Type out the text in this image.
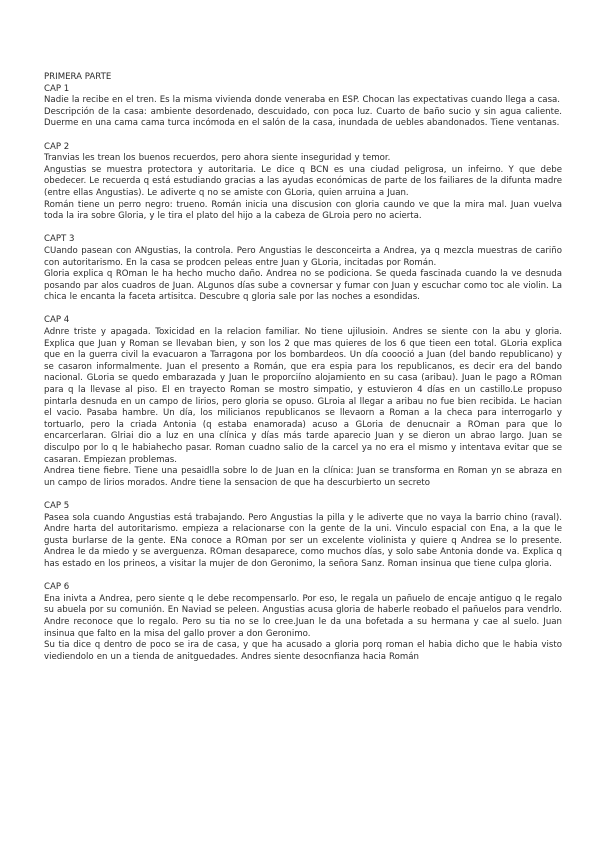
PRIMERA PARTE
CAP 1

Nadie la recibe en el tren. Es la misma vivienda donde veneraba en ESP. Chocan las expectativas cuando llega a casa.

Descripción de la casa: ambiente desordenado, descuidado, con poca luz. Cuarto de baño sucio y sin agua caliente. Duerme en una cama cama turca incómoda en el salón de la casa, inundada de uebles abandonados. Tiene ventanas.

CAP 2

Tranvias les trean los buenos recuerdos, pero ahora siente inseguridad y temor.

Angustias se muestra protectora y autoritaria. Le dice q BCN es una ciudad peligrosa, un infeirno. Y que debe obedecer. Le recuerda q está estudiando gracias a las ayudas económicas de parte de los failiares de la difunta madre (entre ellas Angustias). Le adiverte q no se amiste con GLoria, quien arruina a Juan.

Román tiene un perro negro: trueno. Román inicia una discusion con gloria caundo ve que la mira mal. Juan vuelva toda la ira sobre Gloria, y le tira el plato del hijo a la cabeza de GLroia pero no acierta.

CAPT 3

CUando pasean con ANgustias, la controla. Pero Angustias le desconceirta a Andrea, ya q mezcla muestras de cariño con autoritarismo. En la casa se prodcen peleas entre Juan y GLoria, incitadas por Román.

Gloria explica q ROman le ha hecho mucho daño. Andrea no se podiciona. Se queda fascinada cuando la ve desnuda posando par alos cuadros de Juan. ALgunos días sube a covnersar y fumar con Juan y escuchar como toc ale violin. La chica le encanta la faceta artisitca. Descubre q gloria sale por las noches a esondidas.

CAP 4

Adnre triste y apagada. Toxicidad en la relacion familiar. No tiene ujilusioin. Andres se siente con la abu y gloria. Explica que Juan y Roman se llevaban bien, y son los 2 que mas quieres de los 6 que tieen een total. GLoria explica que en la guerra civil la evacuaron a Tarragona por los bombardeos. Un día coooció a Juan (del bando republicano) y se casaron informalmente. Juan el presento a Román, que era espia para los republicanos, es decir era del bando nacional. GLoria se quedo embarazada y Juan le proporciíno alojamiento en su casa (aribau). Juan le pago a ROman para q la llevase al piso. El en trayecto Roman se mostro simpatio, y estuvieron 4 días en un castillo.Le propuso pintarla desnuda en un campo de lirios, pero gloria se opuso. GLroia al llegar a aribau no fue bien recibida. Le hacian el vacio. Pasaba hambre. Un día, los milicianos republicanos se llevaorn a Roman a la checa para interrogarlo y tortuarlo, pero la criada Antonia (q estaba enamorada) acuso a GLoria de denucnair a ROman para que lo encarcerlaran. Glriai dio a luz en una clínica y días más tarde aparecio Juan y se dieron un abrao largo. Juan se disculpo por lo q le habiahecho pasar. Roman cuadno salio de la carcel ya no era el mismo y intentava evitar que se casaran. Empiezan problemas.

Andrea tiene fiebre. Tiene una pesaidlla sobre lo de Juan en la clínica: Juan se transforma en Roman yn se abraza en un campo de lirios morados. Andre tiene la sensacion de que ha descurbierto un secreto

CAP 5

Pasea sola cuando Angustias está trabajando. Pero Angustias la pilla y le adiverte que no vaya la barrio chino (raval). Andre harta del autoritarismo. empieza a relacionarse con la gente de la uni. Vinculo espacial con Ena, a la que le gusta burlarse de la gente. ENa conoce a ROman por ser un excelente violinista y quiere q Andrea se lo presente. Andrea le da miedo y se averguenza. ROman desaparece, como muchos días, y solo sabe Antonia donde va. Explica q has estado en los prineos, a visitar la mujer de don Geronimo, la señora Sanz. Roman insinua que tiene culpa gloria.

CAP 6

Ena inivta a Andrea, pero siente q le debe recompensarlo. Por eso, le regala un pañuelo de encaje antiguo q le regalo su abuela por su comunión. En Naviad se peleen. Angustias acusa gloria de haberle reobado el pañuelos para vendrlo. Andre reconoce que lo regalo. Pero su tia no se lo cree.Juan le da una bofetada a su hermana y cae al suelo. Juan insinua que falto en la misa del gallo prover a don Geronimo.

Su tia dice q dentro de poco se ira de casa, y que ha acusado a gloria porq roman el habia dicho que le habia visto viediendolo en un a tienda de anitguedades. Andres siente desocnfianza hacia Román
